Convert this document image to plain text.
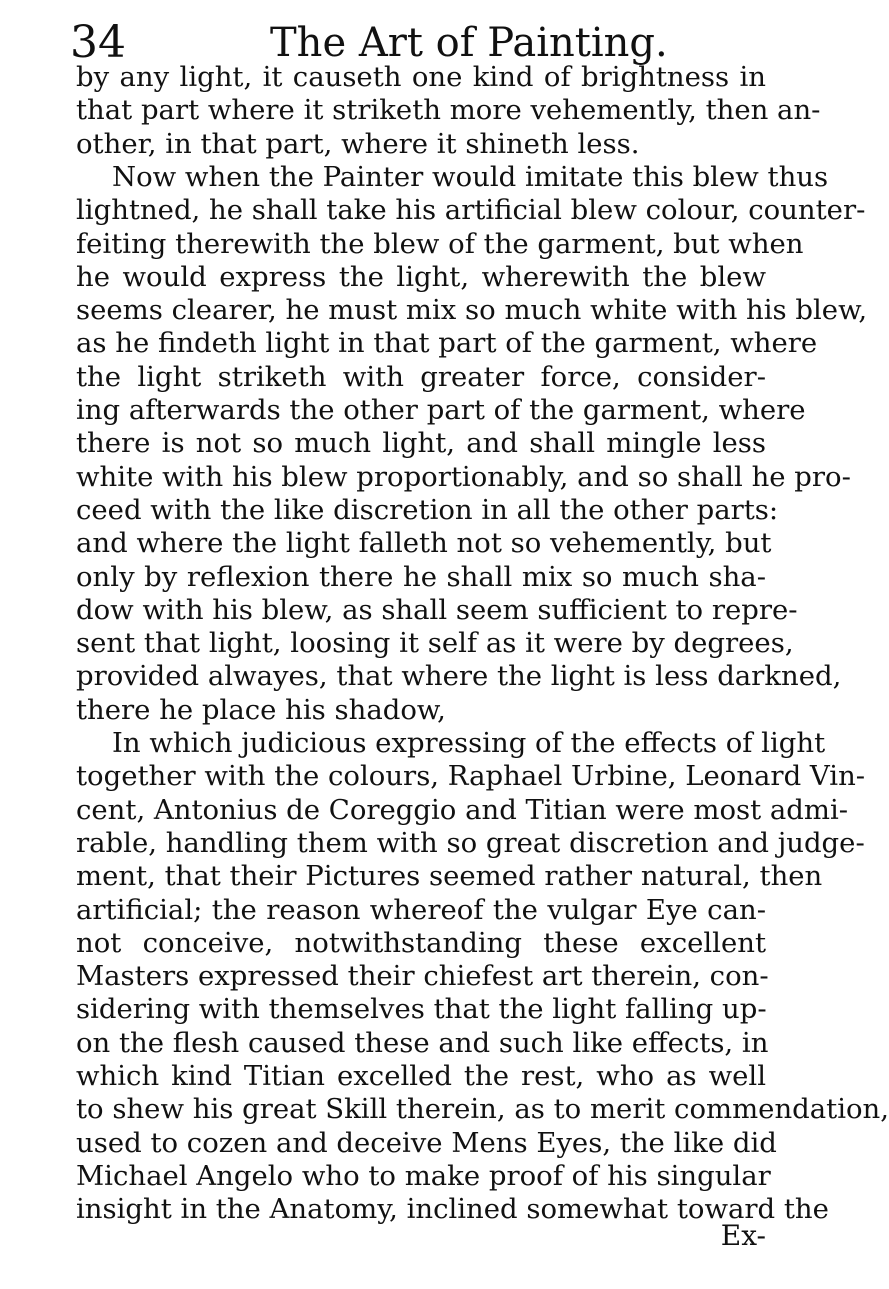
34	The Art of Painting.
by any light, it causeth one kind of brightness in
that part where it striketh more vehemently, then an-
other, in that part, where it shineth less.
Now when the Painter would imitate this blew thus
lightned, he shall take his artificial blew colour, counter-
feiting therewith the blew of the garment, but when
he would express the light, wherewith the blew
seems clearer, he must mix so much white with his blew,
as he findeth light in that part of the garment, where
the light striketh with greater force, consider-
ing afterwards the other part of the garment, where
there is not so much light, and shall mingle less
white with his blew proportionably, and so shall he pro-
ceed with the like discretion in all the other parts:
and where the light falleth not so vehemently, but
only by reflexion there he shall mix so much sha-
dow with his blew, as shall seem sufficient to repre-
sent that light, loosing it self as it were by degrees,
provided alwayes, that where the light is less darkned,
there he place his shadow,
In which judicious expressing of the effects of light
together with the colours, Raphael Urbine, Leonard Vin-
cent, Antonius de Coreggio and Titian were most admi-
rable, handling them with so great discretion and judge-
ment, that their Pictures seemed rather natural, then
artificial; the reason whereof the vulgar Eye can-
not conceive, notwithstanding these excellent
Masters expressed their chiefest art therein, con-
sidering with themselves that the light falling up-
on the flesh caused these and such like effects, in
which kind Titian excelled the rest, who as well
to shew his great Skill therein, as to merit commendation,
used to cozen and deceive Mens Eyes, the like did
Michael Angelo who to make proof of his singular
insight in the Anatomy, inclined somewhat toward the
Ex-
